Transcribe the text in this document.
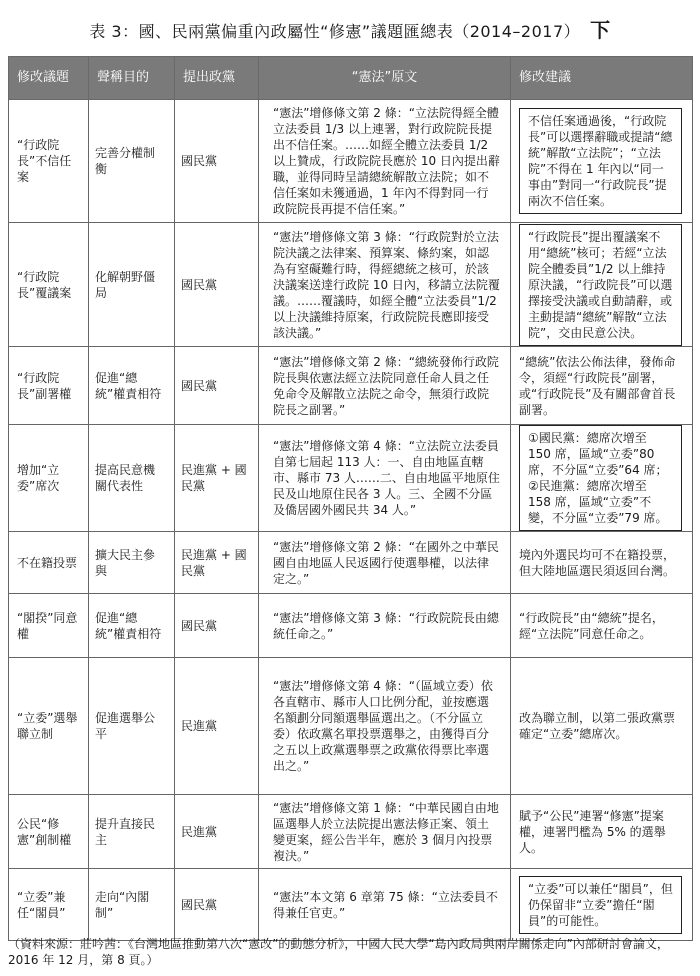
表 3：國、民兩黨偏重內政屬性“修憲”議題匯總表（2014–2017） 下
修改議題	聲稱目的	提出政黨	“憲法”原文	修改建議
“行政院長”不信任案	完善分權制衡	國民黨	“憲法”增修條文第 2 條：“立法院得經全體立法委員 1/3 以上連署，對行政院院長提出不信任案。……如經全體立法委員 1/2 以上贊成，行政院院長應於 10 日內提出辭職，並得同時呈請總統解散立法院；如不信任案如未獲通過，1 年內不得對同一行政院院長再提不信任案。”	不信任案通過後，“行政院長”可以選擇辭職或提請“總統”解散“立法院”；“立法院”不得在 1 年內以“同一事由”對同一“行政院長”提兩次不信任案。

“行政院長”覆議案	化解朝野僵局	國民黨	“憲法”增修條文第 3 條：“行政院對於立法院決議之法律案、預算案、條約案，如認為有窒礙難行時，得經總統之核可，於該決議案送達行政院 10 日內，移請立法院覆議。……覆議時，如經全體“立法委員”1/2 以上決議維持原案，行政院院長應即接受該決議。”	“行政院長”提出覆議案不用“總統”核可；若經“立法院全體委員”1/2 以上維持原決議，“行政院長”可以選擇接受決議或自動請辭，或主動提請“總統”解散“立法院”，交由民意公決。

“行政院長”副署權	促進“總統”權責相符	國民黨	“憲法”增修條文第 2 條：“總統發佈行政院院長與依憲法經立法院同意任命人員之任免命令及解散立法院之命令，無須行政院院長之副署。”	“總統”依法公佈法律，發佈命令，須經“行政院長”副署，或“行政院長”及有關部會首長副署。
增加“立委”席次	提高民意機關代表性	民進黨 + 國民黨	“憲法”增修條文第 4 條：“立法院立法委員自第七屆起 113 人：一、自由地區直轄市、縣市 73 人……二、自由地區平地原住民及山地原住民各 3 人。三、全國不分區及僑居國外國民共 34 人。”	①國民黨：總席次增至 150 席，區域“立委”80 席，不分區“立委”64 席；②民進黨：總席次增至 158 席，區域“立委”不變，不分區“立委”79 席。

不在籍投票	擴大民主參與	民進黨 + 國民黨	“憲法”增修條文第 2 條：“在國外之中華民國自由地區人民返國行使選舉權，以法律定之。”	境內外選民均可不在籍投票，但大陸地區選民須返回台灣。
“閣揆”同意權	促進“總統”權責相符	國民黨	“憲法”增修條文第 3 條：“行政院院長由總統任命之。”	“行政院長”由“總統”提名，經“立法院”同意任命之。
“立委”選舉聯立制	促進選舉公平	民進黨	“憲法”增修條文第 4 條：“（區域立委）依各直轄市、縣市人口比例分配，並按應選名額劃分同額選舉區選出之。（不分區立委）依政黨名單投票選舉之，由獲得百分之五以上政黨選舉票之政黨依得票比率選出之。”	改為聯立制，以第二張政黨票確定“立委”總席次。
公民“修憲”創制權	提升直接民主	民進黨	“憲法”增修條文第 1 條：“中華民國自由地區選舉人於立法院提出憲法修正案、領土變更案，經公告半年，應於 3 個月內投票複決。”	賦予“公民”連署“修憲”提案權，連署門檻為 5% 的選舉人。
“立委”兼任“閣員”	走向“內閣制”	國民黨	“憲法”本文第 6 章第 75 條：“立法委員不得兼任官吏。”	“立委”可以兼任“閣員”，但仍保留非“立委”擔任“閣員”的可能性。
（資料來源：莊吟茜：《台灣地區推動第八次“憲改”的動態分析》，中國人民大學“島內政局與兩岸關係走向”內部研討會論文，2016 年 12 月，第 8 頁。）
